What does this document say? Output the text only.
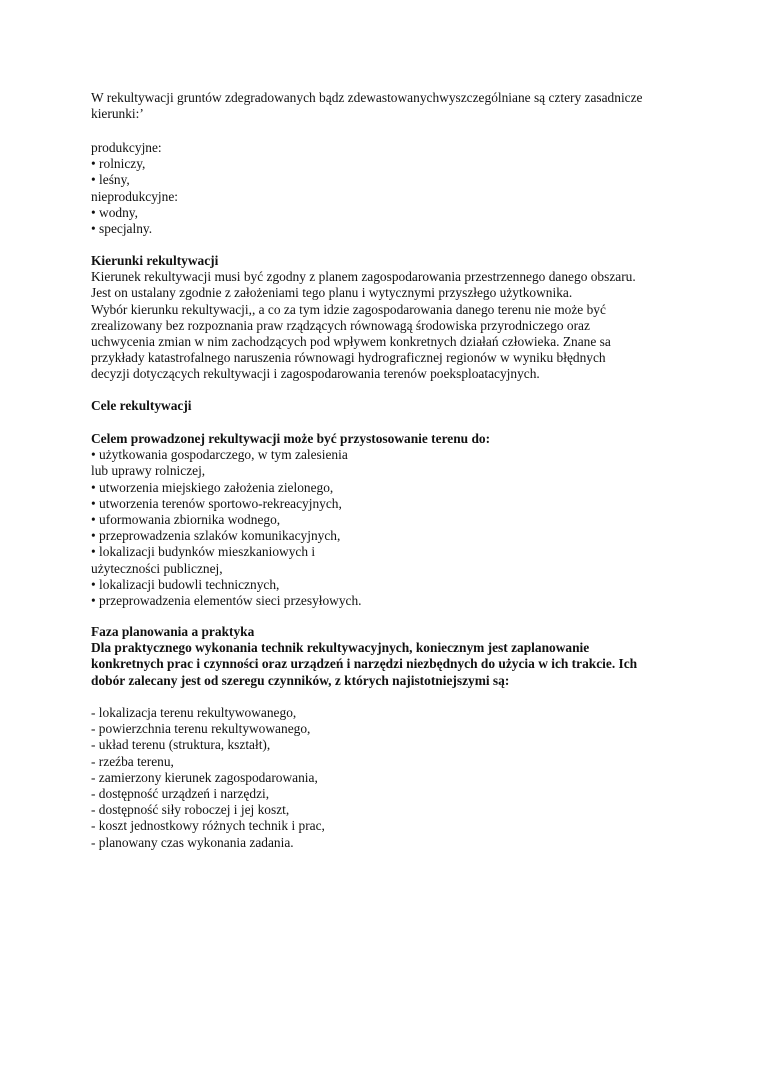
W rekultywacji gruntów zdegradowanych bądz zdewastowanychwyszczególniane są cztery zasadnicze
kierunki:’
produkcyjne:
• rolniczy,
• leśny,
nieprodukcyjne:
• wodny,
• specjalny.
Kierunki rekultywacji
Kierunek rekultywacji musi być zgodny z planem zagospodarowania przestrzennego danego obszaru.
Jest on ustalany zgodnie z założeniami tego planu i wytycznymi przyszłego użytkownika.
Wybór kierunku rekultywacji,, a co za tym idzie zagospodarowania danego terenu nie może być
zrealizowany bez rozpoznania praw rządzących równowagą środowiska przyrodniczego oraz
uchwycenia zmian w nim zachodzących pod wpływem konkretnych działań człowieka. Znane sa
przykłady katastrofalnego naruszenia równowagi hydrograficznej regionów w wyniku błędnych
decyzji dotyczących rekultywacji i zagospodarowania terenów poeksploatacyjnych.
Cele rekultywacji
Celem prowadzonej rekultywacji może być przystosowanie terenu do:
• użytkowania gospodarczego, w tym zalesienia
lub uprawy rolniczej,
• utworzenia miejskiego założenia zielonego,
• utworzenia terenów sportowo-rekreacyjnych,
• uformowania zbiornika wodnego,
• przeprowadzenia szlaków komunikacyjnych,
• lokalizacji budynków mieszkaniowych i
użyteczności publicznej,
• lokalizacji budowli technicznych,
• przeprowadzenia elementów sieci przesyłowych.
Faza planowania a praktyka
Dla praktycznego wykonania technik rekultywacyjnych, koniecznym jest zaplanowanie
konkretnych prac i czynności oraz urządzeń i narzędzi niezbędnych do użycia w ich trakcie. Ich
dobór zalecany jest od szeregu czynników, z których najistotniejszymi są:
- lokalizacja terenu rekultywowanego,
- powierzchnia terenu rekultywowanego,
- układ terenu (struktura, kształt),
- rzeźba terenu,
- zamierzony kierunek zagospodarowania,
- dostępność urządzeń i narzędzi,
- dostępność siły roboczej i jej koszt,
- koszt jednostkowy różnych technik i prac,
- planowany czas wykonania zadania.
